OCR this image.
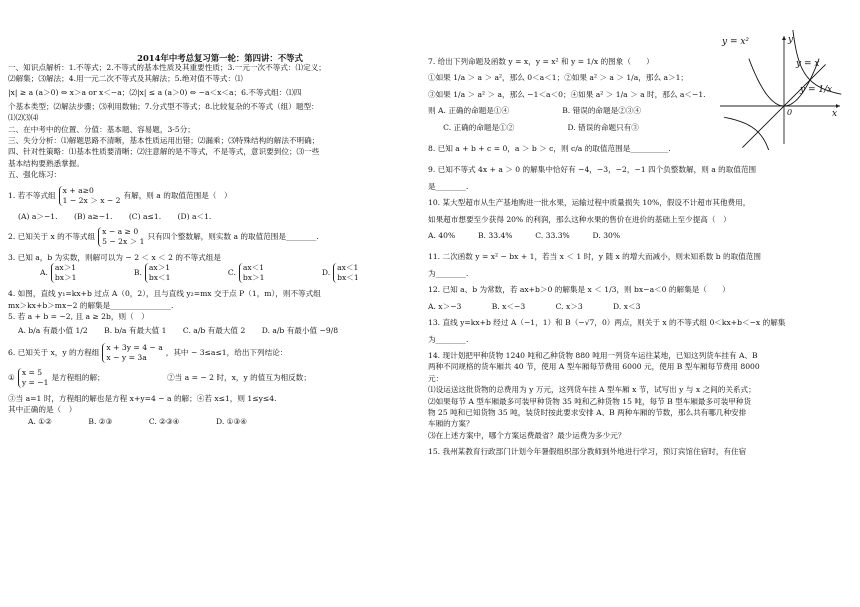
2014年中考总复习第一轮：第四讲：不等式
一、知识点解析：1.不等式；2.不等式的基本性质及其重要性质；3.一元一次不等式：⑴定义；
⑵解集；⑶解法；4.用一元二次不等式及其解法；5.绝对值不等式：⑴
|x| ≥ a (a＞0) ⇔ x＞a or x＜−a；⑵|x| ≤ a (a＞0) ⇔ −a＜x＜a；6.不等式组：⑴四
个基本类型；⑵解法步骤；⑶利用数轴；7.分式型不等式；8.比较复杂的不等式（组）题型：
⑴⑵⑶⑷
二、在中考中的位置、分值：基本题、容易题，3-5分；
三、失分分析：⑴解题思路不清晰，基本性质运用出错；⑵漏乘；⑶特殊结构的解法不明确；
四、针对性策略：⑴基本性质要清晰；⑵注意解的是不等式，不是等式，意识要到位；⑶一些
基本结构要熟悉掌握。
五、强化练习：
1. 若不等式组x + a≥0
1 − 2x ＞ x − 2有解，则 a 的取值范围是（　）
(A) a＞−1. (B) a≥−1. (C) a≤1. (D) a＜1.
2. 已知关于 x 的不等式组x − a ≥ 0
5 − 2x ＞ 1只有四个整数解，则实数 a 的取值范围是________.
3. 已知 a，b 为实数，则解可以为 − 2 ＜ x ＜ 2 的不等式组是
A.ax＞1
bx＞1 B.ax＞1
bx＜1 C.ax＜1
bx＞1 D.ax＜1
bx＜1
4. 如图，直线 y₁=kx+b 过点 A（0，2），且与直线 y₂=mx 交于点 P（1，m），则不等式组
mx＞kx+b＞mx−2 的解集是________________.
5. 若 a + b = −2, 且 a ≥ 2b，则（　）
A. b/a 有最小值 1/2 B. b/a 有最大值 1 C. a/b 有最大值 2 D. a/b 有最小值 −9/8
6. 已知关于 x，y 的方程组x + 3y = 4 − a
x − y = 3a，其中 − 3≤a≤1，给出下列结论：
①x = 5
y = −1是方程组的解；	②当 a = − 2 时，x，y 的值互为相反数；
③当 a=1 时，方程组的解也是方程 x+y=4 − a 的解；④若 x≤1，则 1≤y≤4.
其中正确的是（　）
A. ①②	B. ②③	C. ②③④	D. ①③④
7. 给出下列命题及函数 y = x，y = x² 和 y = 1/x 的图象（　　）
①如果 1/a ＞ a ＞ a²，那么 0＜a＜1；②如果 a² ＞ a ＞ 1/a，那么 a＞1；
③如果 1/a ＞ a² ＞ a，那么 −1＜a＜0；④如果 a² ＞ 1/a ＞ a 时，那么 a＜−1.
则 A. 正确的命题是①④　　　　　　　B. 错误的命题是②③④
　　C. 正确的命题是①②　　　　　　　D. 错误的命题只有③
8. 已知 a + b + c = 0，a ＞ b ＞ c，则 c/a 的取值范围是__________.
9. 已知不等式 4x + a ＞ 0 的解集中恰好有 −4，−3，−2，−1 四个负整数解，则 a 的取值范围
是________.
10. 某大型超市从生产基地购进一批水果，运输过程中质量损失 10%，假设不计超市其他费用，
如果超市想要至少获得 20% 的利润，那么这种水果的售价在进价的基础上至少提高（　）
A. 40%　　　B. 33.4%　　　C. 33.3%　　　D. 30%
11. 二次函数 y = x² − bx + 1，若当 x ＜ 1 时，y 随 x 的增大而减小，则未知系数 b 的取值范围
为________.
12. 已知 a、b 为常数，若 ax+b＞0 的解集是 x ＜ 1/3，则 bx−a＜0 的解集是（　　）
A. x＞−3　　　　B. x＜−3　　　　C. x＞3　　　　D. x＜3
13. 直线 y=kx+b 经过 A（−1，1）和 B（−√7，0）两点，则关于 x 的不等式组 0＜kx+b＜−x 的解集
为________.
14. 现计划把甲种货物 1240 吨和乙种货物 880 吨用一列货车运往某地，已知这列货车挂有 A、B
两种不同规格的货车厢共 40 节，使用 A 型车厢每节费用 6000 元，使用 B 型车厢每节费用 8000
元：
⑴设运送这批货物的总费用为 y 万元，这列货车挂 A 型车厢 x 节，试写出 y 与 x 之间的关系式；
⑵如果每节 A 型车厢最多可装甲种货物 35 吨和乙种货物 15 吨，每节 B 型车厢最多可装甲种货
物 25 吨和已知货物 35 吨，装货时按此要求安排 A、B 两种车厢的节数，那么共有哪几种安排
车厢的方案？
⑶在上述方案中，哪个方案运费最省？最少运费为多少元？
15. 我州某教育行政部门计划今年暑假组织部分教师到外地进行学习，预订宾馆住宿时，有住宿
y = x²
y = x
y = 1/x
0	x
y
